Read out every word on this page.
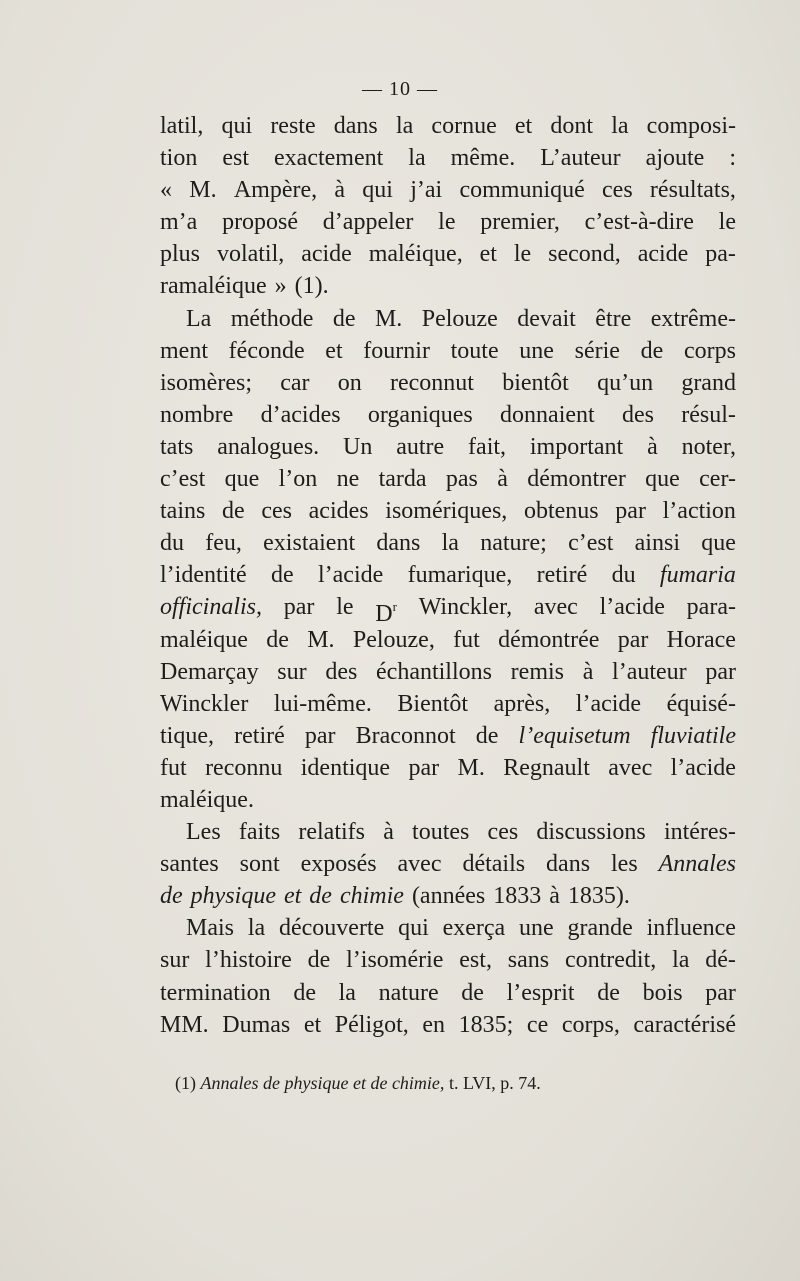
— 10 —
latil, qui reste dans la cornue et dont la composi-
tion est exactement la même. L’auteur ajoute :
« M. Ampère, à qui j’ai communiqué ces résultats,
m’a proposé d’appeler le premier, c’est-à-dire le
plus volatil, acide maléique, et le second, acide pa-
ramaléique » (1).
La méthode de M. Pelouze devait être extrême-
ment féconde et fournir toute une série de corps
isomères; car on reconnut bientôt qu’un grand
nombre d’acides organiques donnaient des résul-
tats analogues. Un autre fait, important à noter,
c’est que l’on ne tarda pas à démontrer que cer-
tains de ces acides isomériques, obtenus par l’action
du feu, existaient dans la nature; c’est ainsi que
l’identité de l’acide fumarique, retiré du fumaria
officinalis, par le $D^r$ Winckler, avec l’acide para-
maléique de M. Pelouze, fut démontrée par Horace
Demarçay sur des échantillons remis à l’auteur par
Winckler lui-même. Bientôt après, l’acide équisé-
tique, retiré par Braconnot de l’equisetum fluviatile
fut reconnu identique par M. Regnault avec l’acide
maléique.
Les faits relatifs à toutes ces discussions intéres-
santes sont exposés avec détails dans les Annales
de physique et de chimie (années 1833 à 1835).
Mais la découverte qui exerça une grande influence
sur l’histoire de l’isomérie est, sans contredit, la dé-
termination de la nature de l’esprit de bois par
MM. Dumas et Péligot, en 1835; ce corps, caractérisé
(1) Annales de physique et de chimie, t. LVI, p. 74.
